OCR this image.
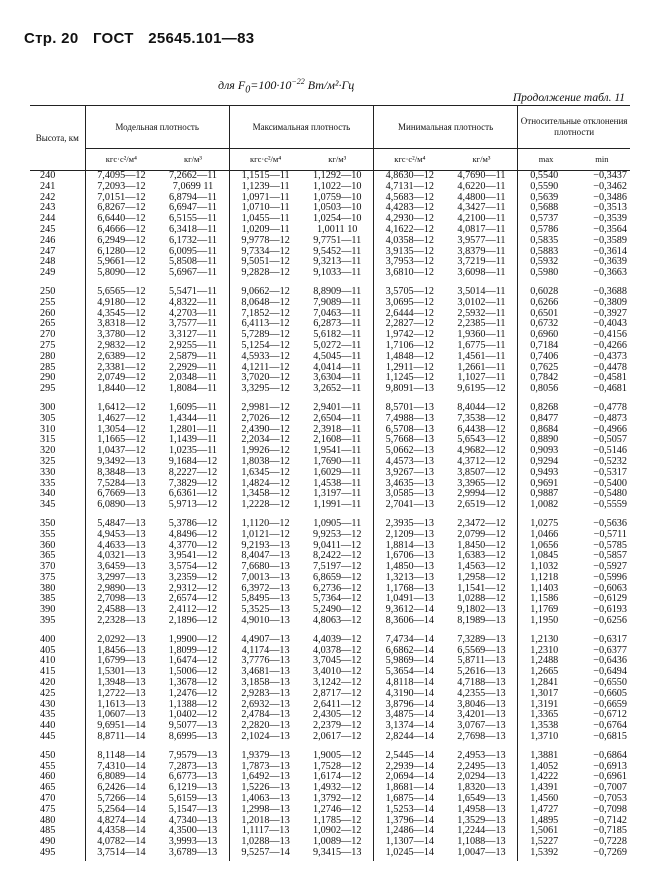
Стр. 20 ГОСТ 25645.101—83
Продолжение табл. 11
для $F_0=100\cdot 10^{-22}$ Вт/м²·Гц
Высота, км	Модельная плотность		Максимальная плотность		Минимальная плотность		Относительные отклонения плотности	
	кгс·с²/м⁴	кг/м³	кгс·с²/м⁴	кг/м³	кгс·с²/м⁴	кг/м³	max	min
240	7,4095—12	7,2662—11	1,1515—11	1,1292—10	4,8630—12	4,7690—11	0,5540	−0,3437
241	7,2093—12	7,0699 11	1,1239—11	1,1022—10	4,7131—12	4,6220—11	0,5590	−0,3462
242	7,0151—12	6,8794—11	1,0971—11	1,0759—10	4,5683—12	4,4800—11	0,5639	−0,3486
243	6,8267—12	6,6947—11	1,0710—11	1,0503—10	4,4283—12	4,3427—11	0,5688	−0,3513
244	6,6440—12	6,5155—11	1,0455—11	1,0254—10	4,2930—12	4,2100—11	0,5737	−0,3539
245	6,4666—12	6,3418—11	1,0209—11	1,0011 10	4,1622—12	4,0817—11	0,5786	−0,3564
246	6,2949—12	6,1732—11	9,9778—12	9,7751—11	4,0358—12	3,9577—11	0,5835	−0,3589
247	6,1280—12	6,0095—11	9,7334—12	9,5452—11	3,9135—12	3,8379—11	0,5883	−0,3614
248	5,9661—12	5,8508—11	9,5051—12	9,3213—11	3,7953—12	3,7219—11	0,5932	−0,3639
249	5,8090—12	5,6967—11	9,2828—12	9,1033—11	3,6810—12	3,6098—11	0,5980	−0,3663

250	5,6565—12	5,5471—11	9,0662—12	8,8909—11	3,5705—12	3,5014—11	0,6028	−0,3688
255	4,9180—12	4,8322—11	8,0648—12	7,9089—11	3,0695—12	3,0102—11	0,6266	−0,3809
260	4,3545—12	4,2703—11	7,1852—12	7,0463—11	2,6444—12	2,5932—11	0,6501	−0,3927
265	3,8318—12	3,7577—11	6,4113—12	6,2873—11	2,2827—12	2,2385—11	0,6732	−0,4043
270	3,3780—12	3,3127—11	5,7289—12	5,6182—11	1,9742—12	1,9360—11	0,6960	−0,4156
275	2,9832—12	2,9255—11	5,1254—12	5,0272—11	1,7106—12	1,6775—11	0,7184	−0,4266
280	2,6389—12	2,5879—11	4,5933—12	4,5045—11	1,4848—12	1,4561—11	0,7406	−0,4373
285	2,3381—12	2,2929—11	4,1211—12	4,0414—11	1,2911—12	1,2661—11	0,7625	−0,4478
290	2,0749—12	2,0348—11	3,7020—12	3,6304—11	1,1245—12	1,1027—11	0,7842	−0,4581
295	1,8440—12	1,8084—11	3,3295—12	3,2652—11	9,8091—13	9,6195—12	0,8056	−0,4681

300	1,6412—12	1,6095—11	2,9981—12	2,9401—11	8,5701—13	8,4044—12	0,8268	−0,4778
305	1,4627—12	1,4344—11	2,7026—12	2,6504—11	7,4988—13	7,3538—12	0,8477	−0,4873
310	1,3054—12	1,2801—11	2,4390—12	2,3918—11	6,5708—13	6,4438—12	0,8684	−0,4966
315	1,1665—12	1,1439—11	2,2034—12	2,1608—11	5,7668—13	5,6543—12	0,8890	−0,5057
320	1,0437—12	1,0235—11	1,9926—12	1,9541—11	5,0662—13	4,9682—12	0,9093	−0,5146
325	9,3492—13	9,1684—12	1,8038—12	1,7690—11	4,4573—13	4,3712—12	0,9294	−0,5232
330	8,3848—13	8,2227—12	1,6345—12	1,6029—11	3,9267—13	3,8507—12	0,9493	−0,5317
335	7,5284—13	7,3829—12	1,4824—12	1,4538—11	3,4635—13	3,3965—12	0,9691	−0,5400
340	6,7669—13	6,6361—12	1,3458—12	1,3197—11	3,0585—13	2,9994—12	0,9887	−0,5480
345	6,0890—13	5,9713—12	1,2228—12	1,1991—11	2,7041—13	2,6519—12	1,0082	−0,5559

350	5,4847—13	5,3786—12	1,1120—12	1,0905—11	2,3935—13	2,3472—12	1,0275	−0,5636
355	4,9453—13	4,8496—12	1,0121—12	9,9253—12	2,1209—13	2,0799—12	1,0466	−0,5711
360	4,4633—13	4,3770—12	9,2193—13	9,0411—12	1,8814—13	1,8450—12	1,0656	−0,5785
365	4,0321—13	3,9541—12	8,4047—13	8,2422—12	1,6706—13	1,6383—12	1,0845	−0,5857
370	3,6459—13	3,5754—12	7,6680—13	7,5197—12	1,4850—13	1,4563—12	1,1032	−0,5927
375	3,2997—13	3,2359—12	7,0013—13	6,8659—12	1,3213—13	1,2958—12	1,1218	−0,5996
380	2,9890—13	2,9312—12	6,3972—13	6,2736—12	1,1768—13	1,1541—12	1,1403	−0,6063
385	2,7098—13	2,6574—12	5,8495—13	5,7364—12	1,0491—13	1,0288—12	1,1586	−0,6129
390	2,4588—13	2,4112—12	5,3525—13	5,2490—12	9,3612—14	9,1802—13	1,1769	−0,6193
395	2,2328—13	2,1896—12	4,9010—13	4,8063—12	8,3606—14	8,1989—13	1,1950	−0,6256

400	2,0292—13	1,9900—12	4,4907—13	4,4039—12	7,4734—14	7,3289—13	1,2130	−0,6317
405	1,8456—13	1,8099—12	4,1174—13	4,0378—12	6,6862—14	6,5569—13	1,2310	−0,6377
410	1,6799—13	1,6474—12	3,7776—13	3,7045—12	5,9869—14	5,8711—13	1,2488	−0,6436
415	1,5301—13	1,5006—12	3,4681—13	3,4010—12	5,3654—14	5,2616—13	1,2665	−0,6494
420	1,3948—13	1,3678—12	3,1858—13	3,1242—12	4,8118—14	4,7188—13	1,2841	−0,6550
425	1,2722—13	1,2476—12	2,9283—13	2,8717—12	4,3190—14	4,2355—13	1,3017	−0,6605
430	1,1613—13	1,1388—12	2,6932—13	2,6411—12	3,8796—14	3,8046—13	1,3191	−0,6659
435	1,0607—13	1,0402—12	2,4784—13	2,4305—12	3,4875—14	3,4201—13	1,3365	−0,6712
440	9,6951—14	9,5077—13	2,2820—13	2,2379—12	3,1374—14	3,0767—13	1,3538	−0,6764
445	8,8711—14	8,6995—13	2,1024—13	2,0617—12	2,8244—14	2,7698—13	1,3710	−0,6815

450	8,1148—14	7,9579—13	1,9379—13	1,9005—12	2,5445—14	2,4953—13	1,3881	−0,6864
455	7,4310—14	7,2873—13	1,7873—13	1,7528—12	2,2939—14	2,2495—13	1,4052	−0,6913
460	6,8089—14	6,6773—13	1,6492—13	1,6174—12	2,0694—14	2,0294—13	1,4222	−0,6961
465	6,2426—14	6,1219—13	1,5226—13	1,4932—12	1,8681—14	1,8320—13	1,4391	−0,7007
470	5,7266—14	5,6159—13	1,4063—13	1,3792—12	1,6875—14	1,6549—13	1,4560	−0,7053
475	5,2564—14	5,1547—13	1,2998—13	1,2746—12	1,5253—14	1,4958—13	1,4727	−0,7098
480	4,8274—14	4,7340—13	1,2018—13	1,1785—12	1,3796—14	1,3529—13	1,4895	−0,7142
485	4,4358—14	4,3500—13	1,1117—13	1,0902—12	1,2486—14	1,2244—13	1,5061	−0,7185
490	4,0782—14	3,9993—13	1,0288—13	1,0089—12	1,1307—14	1,1088—13	1,5227	−0,7228
495	3,7514—14	3,6789—13	9,5257—14	9,3415—13	1,0245—14	1,0047—13	1,5392	−0,7269
